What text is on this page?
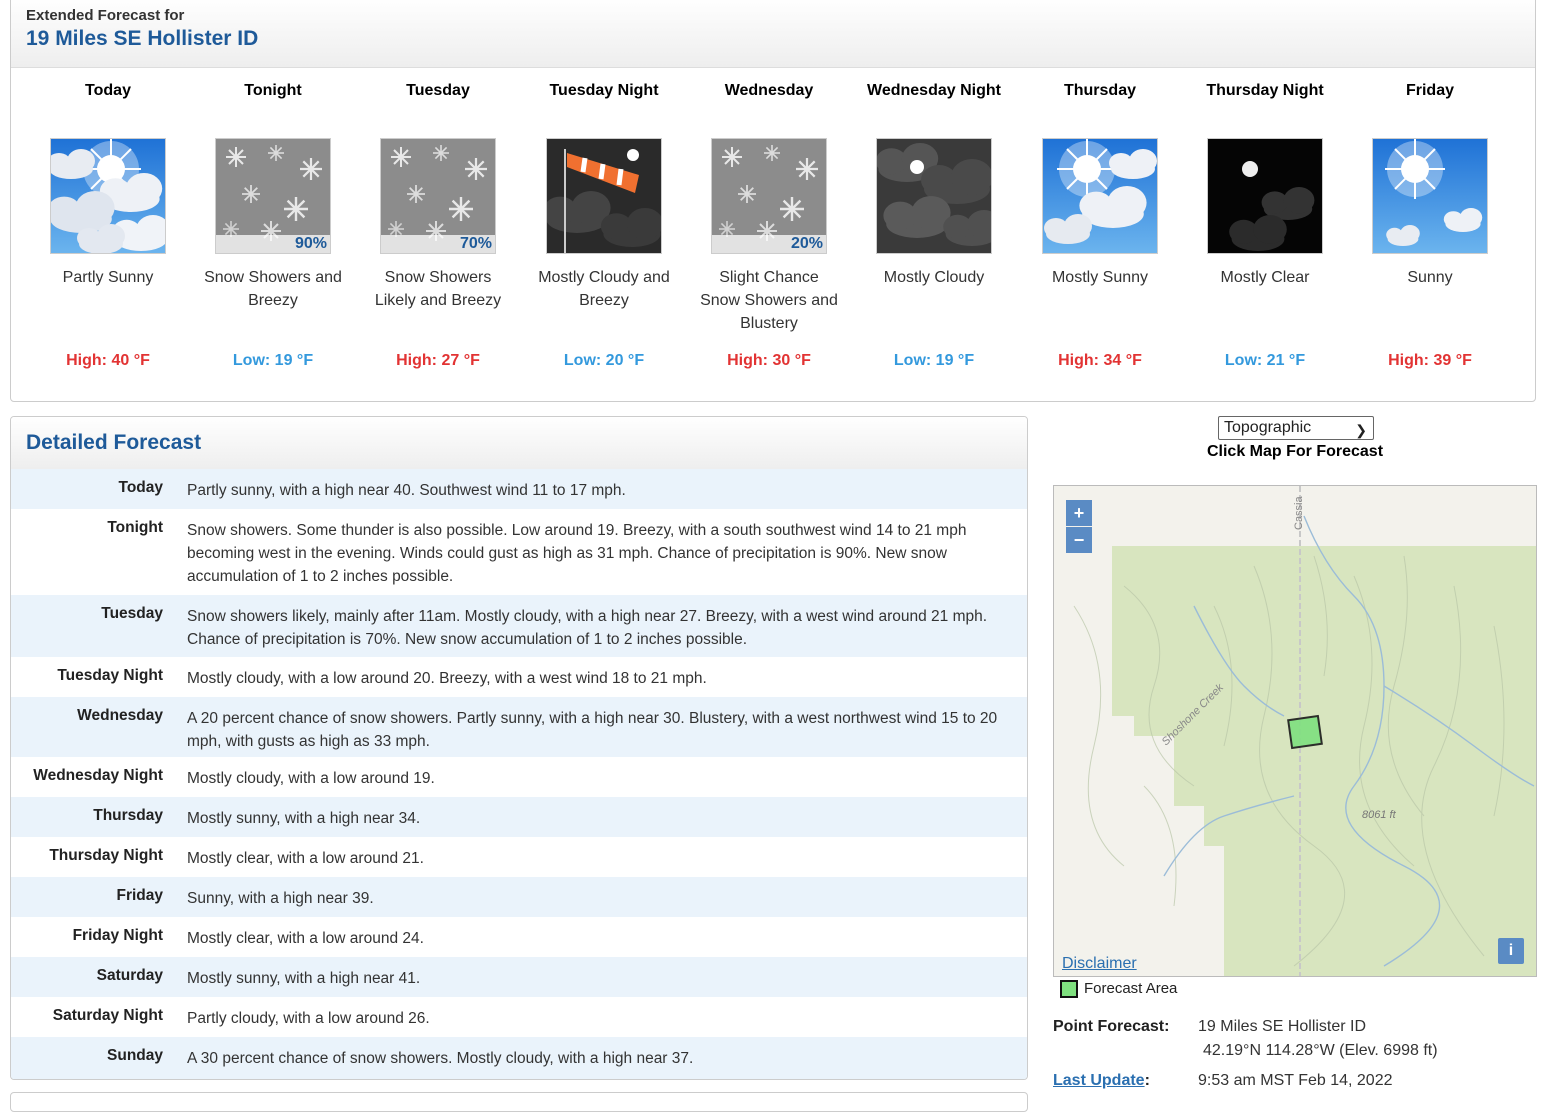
Extended Forecast for
19 Miles SE Hollister ID
Today
Partly Sunny
High: 40 °F
Tonight
90%
Snow Showers and Breezy
Low: 19 °F
Tuesday
70%
Snow Showers Likely and Breezy
High: 27 °F
Tuesday Night
Mostly Cloudy and Breezy
Low: 20 °F
Wednesday
20%
Slight Chance Snow Showers and Blustery
High: 30 °F
Wednesday Night
Mostly Cloudy
Low: 19 °F
Thursday
Mostly Sunny
High: 34 °F
Thursday Night
Mostly Clear
Low: 21 °F
Friday
Sunny
High: 39 °F
Detailed Forecast
Today Partly sunny, with a high near 40. Southwest wind 11 to 17 mph.
Tonight Snow showers. Some thunder is also possible. Low around 19. Breezy, with a south southwest wind 14 to 21 mph becoming west in the evening. Winds could gust as high as 31 mph. Chance of precipitation is 90%. New snow accumulation of 1 to 2 inches possible.
Tuesday Snow showers likely, mainly after 11am. Mostly cloudy, with a high near 27. Breezy, with a west wind around 21 mph. Chance of precipitation is 70%. New snow accumulation of 1 to 2 inches possible.
Tuesday Night Mostly cloudy, with a low around 20. Breezy, with a west wind 18 to 21 mph.
Wednesday A 20 percent chance of snow showers. Partly sunny, with a high near 30. Blustery, with a west northwest wind 15 to 20 mph, with gusts as high as 33 mph.
Wednesday Night Mostly cloudy, with a low around 19.
Thursday Mostly sunny, with a high near 34.
Thursday Night Mostly clear, with a low around 21.
Friday Sunny, with a high near 39.
Friday Night Mostly clear, with a low around 24.
Saturday Mostly sunny, with a high near 41.
Saturday Night Partly cloudy, with a low around 26.
Sunday A 30 percent chance of snow showers. Mostly cloudy, with a high near 37.
Topographic	❯
Click Map For Forecast
Cassia
Shoshone Creek
8061 ft
+
−
i
Disclaimer
Forecast Area
Point Forecast: 19 Miles SE Hollister ID
42.19°N 114.28°W (Elev. 6998 ft)
Last Update:	9:53 am MST Feb 14, 2022
